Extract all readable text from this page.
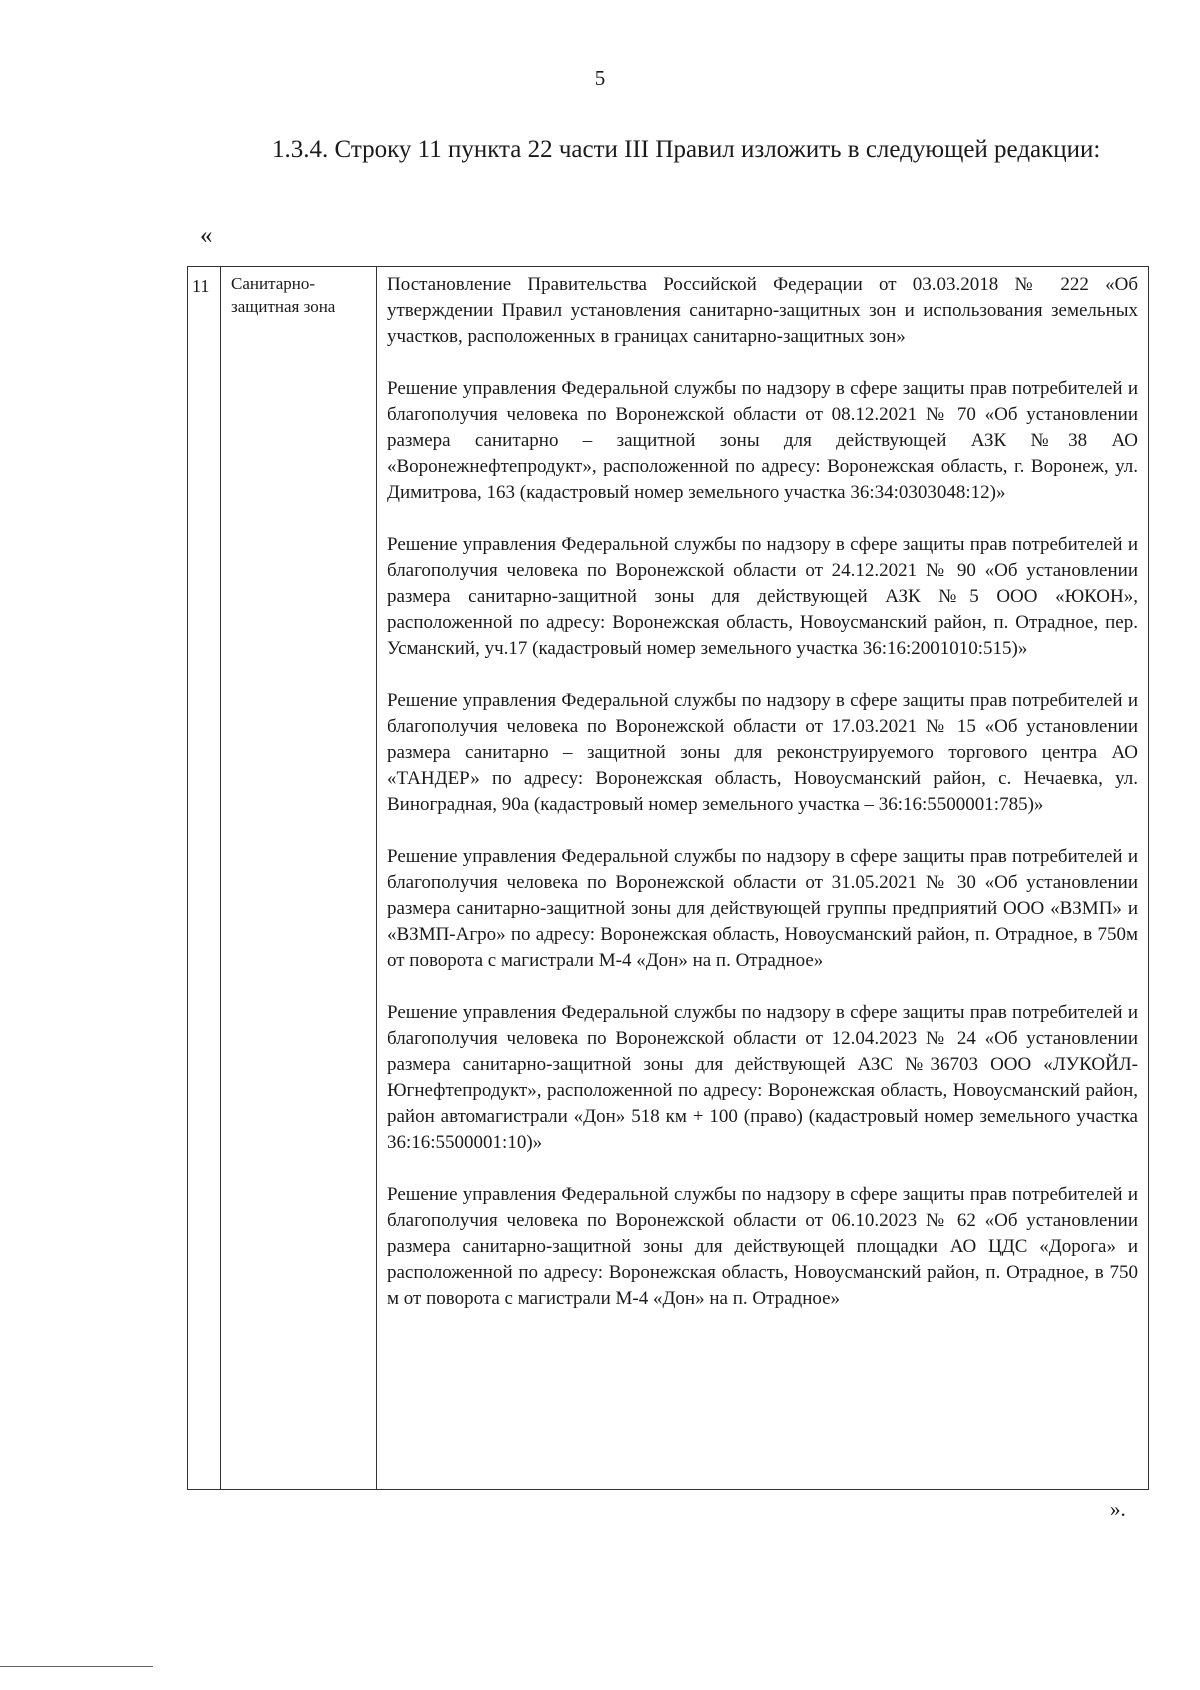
5

1.3.4. Строку 11 пункта 22 части III Правил изложить в следующей редакции:

«
11	Санитарно-защитная зона	

Постановление Правительства Российской Федерации от 03.03.2018 № 222 «Об утверждении Правил установления санитарно-защитных зон и использования земельных участков, расположенных в границах санитарно-защитных зон»

Решение управления Федеральной службы по надзору в сфере защиты прав потребителей и благополучия человека по Воронежской области от 08.12.2021 № 70 «Об установлении размера санитарно – защитной зоны для действующей АЗК №38 АО «Воронежнефтепродукт», расположенной по адресу: Воронежская область, г. Воронеж, ул. Димитрова, 163 (кадастровый номер земельного участка 36:34:0303048:12)»

Решение управления Федеральной службы по надзору в сфере защиты прав потребителей и благополучия человека по Воронежской области от 24.12.2021 № 90 «Об установлении размера санитарно-защитной зоны для действующей АЗК №5 ООО «ЮКОН», расположенной по адресу: Воронежская область, Новоусманский район, п. Отрадное, пер. Усманский, уч.17 (кадастровый номер земельного участка 36:16:2001010:515)»

Решение управления Федеральной службы по надзору в сфере защиты прав потребителей и благополучия человека по Воронежской области от 17.03.2021 № 15 «Об установлении размера санитарно – защитной зоны для реконструируемого торгового центра АО «ТАНДЕР» по адресу: Воронежская область, Новоусманский район, с. Нечаевка, ул. Виноградная, 90а (кадастровый номер земельного участка – 36:16:5500001:785)»

Решение управления Федеральной службы по надзору в сфере защиты прав потребителей и благополучия человека по Воронежской области от 31.05.2021 № 30 «Об установлении размера санитарно-защитной зоны для действующей группы предприятий ООО «ВЗМП» и «ВЗМП-Агро» по адресу: Воронежская область, Новоусманский район, п. Отрадное, в 750м от поворота с магистрали М-4 «Дон» на п. Отрадное»

Решение управления Федеральной службы по надзору в сфере защиты прав потребителей и благополучия человека по Воронежской области от 12.04.2023 № 24 «Об установлении размера санитарно-защитной зоны для действующей АЗС №36703 ООО «ЛУКОЙЛ-Югнефтепродукт», расположенной по адресу: Воронежская область, Новоусманский район, район автомагистрали «Дон» 518 км + 100 (право) (кадастровый номер земельного участка 36:16:5500001:10)»

Решение управления Федеральной службы по надзору в сфере защиты прав потребителей и благополучия человека по Воронежской области от 06.10.2023 № 62 «Об установлении размера санитарно-защитной зоны для действующей площадки АО ЦДС «Дорога» и расположенной по адресу: Воронежская область, Новоусманский район, п. Отрадное, в 750 м от поворота с магистрали М-4 «Дон» на п. Отрадное»

».
